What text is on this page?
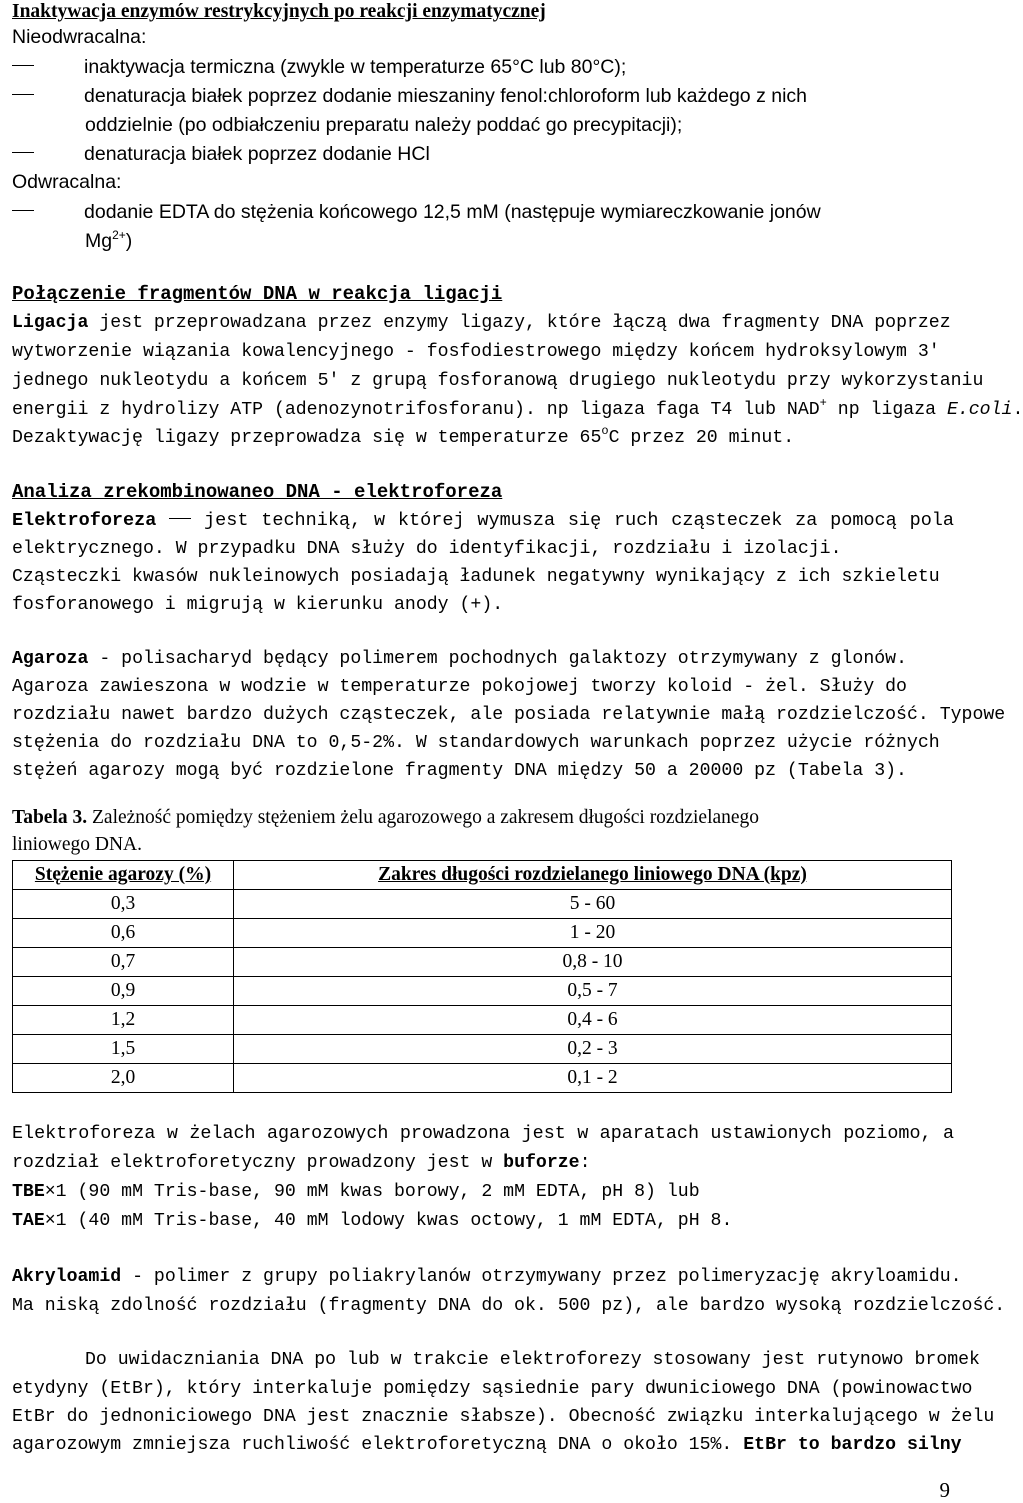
Inaktywacja enzymów restrykcyjnych po reakcji enzymatycznej
Nieodwracalna:
inaktywacja termiczna (zwykle w temperaturze 65°C lub 80°C);
denaturacja białek poprzez dodanie mieszaniny fenol:chloroform lub każdego z nich
oddzielnie (po odbiałczeniu preparatu należy poddać go precypitacji);
denaturacja białek poprzez dodanie HCl
Odwracalna:
dodanie EDTA do stężenia końcowego 12,5 mM (następuje wymiareczkowanie jonów
$Mg^{2+}$)
Połączenie fragmentów DNA w reakcja ligacji
Ligacja jest przeprowadzana przez enzymy ligazy, które łączą dwa fragmenty DNA poprzez
wytworzenie wiązania kowalencyjnego - fosfodiestrowego między końcem hydroksylowym 3'
jednego nukleotydu a końcem 5' z grupą fosforanową drugiego nukleotydu przy wykorzystaniu
energii z hydrolizy ATP (adenozynotrifosforanu). np ligaza faga T4 lub NAD+ np ligaza E.coli.
Dezaktywację ligazy przeprowadza się w temperaturze 65$^o$C przez 20 minut.
Analiza zrekombinowaneo DNA - elektroforeza
Elektroforeza	jest techniką, w której wymusza się ruch cząsteczek za pomocą pola
elektrycznego. W przypadku DNA służy do identyfikacji, rozdziału i izolacji.
Cząsteczki kwasów nukleinowych posiadają ładunek negatywny wynikający z ich szkieletu
fosforanowego i migrują w kierunku anody (+).
Agaroza - polisacharyd będący polimerem pochodnych galaktozy otrzymywany z glonów.
Agaroza zawieszona w wodzie w temperaturze pokojowej tworzy koloid - żel. Służy do
rozdziału nawet bardzo dużych cząsteczek, ale posiada relatywnie małą rozdzielczość. Typowe
stężenia do rozdziału DNA to 0,5-2%. W standardowych warunkach poprzez użycie różnych
stężeń agarozy mogą być rozdzielone fragmenty DNA między 50 a 20000 pz (Tabela 3).
Tabela 3. Zależność pomiędzy stężeniem żelu agarozowego a zakresem długości rozdzielanego
liniowego DNA.
Stężenie agarozy (%)	Zakres długości rozdzielanego liniowego DNA (kpz)
0,3	5 - 60
0,6	1 - 20
0,7	0,8 - 10
0,9	0,5 - 7
1,2	0,4 - 6
1,5	0,2 - 3
2,0	0,1 - 2
Elektroforeza w żelach agarozowych prowadzona jest w aparatach ustawionych poziomo, a
rozdział elektroforetyczny prowadzony jest w buforze:
TBE×1 (90 mM Tris-base, 90 mM kwas borowy, 2 mM EDTA, pH 8) lub
TAE×1 (40 mM Tris-base, 40 mM lodowy kwas octowy, 1 mM EDTA, pH 8.
Akryloamid - polimer z grupy poliakrylanów otrzymywany przez polimeryzację akryloamidu.
Ma niską zdolność rozdziału (fragmenty DNA do ok. 500 pz), ale bardzo wysoką rozdzielczość.
Do uwidaczniania DNA po lub w trakcie elektroforezy stosowany jest rutynowo bromek
etydyny (EtBr), który interkaluje pomiędzy sąsiednie pary dwuniciowego DNA (powinowactwo
EtBr do jednoniciowego DNA jest znacznie słabsze). Obecność związku interkalującego w żelu
agarozowym zmniejsza ruchliwość elektroforetyczną DNA o około 15%. EtBr to bardzo silny
9
